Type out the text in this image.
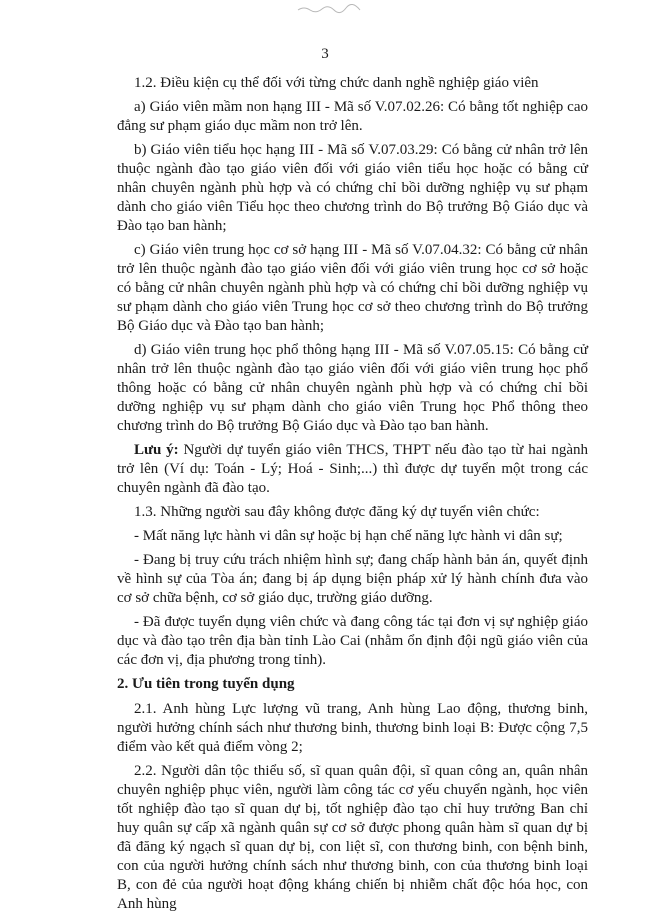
3

1.2. Điều kiện cụ thể đối với từng chức danh nghề nghiệp giáo viên

a) Giáo viên mầm non hạng III - Mã số V.07.02.26: Có bằng tốt nghiệp cao đẳng sư phạm giáo dục mầm non trở lên.

b) Giáo viên tiểu học hạng III - Mã số V.07.03.29: Có bằng cử nhân trở lên thuộc ngành đào tạo giáo viên đối với giáo viên tiểu học hoặc có bằng cử nhân chuyên ngành phù hợp và có chứng chỉ bồi dưỡng nghiệp vụ sư phạm dành cho giáo viên Tiểu học theo chương trình do Bộ trưởng Bộ Giáo dục và Đào tạo ban hành;

c) Giáo viên trung học cơ sở hạng III - Mã số V.07.04.32: Có bằng cử nhân trở lên thuộc ngành đào tạo giáo viên đối với giáo viên trung học cơ sở hoặc có bằng cử nhân chuyên ngành phù hợp và có chứng chỉ bồi dưỡng nghiệp vụ sư phạm dành cho giáo viên Trung học cơ sở theo chương trình do Bộ trưởng Bộ Giáo dục và Đào tạo ban hành;

d) Giáo viên trung học phổ thông hạng III - Mã số V.07.05.15: Có bằng cử nhân trở lên thuộc ngành đào tạo giáo viên đối với giáo viên trung học phổ thông hoặc có bằng cử nhân chuyên ngành phù hợp và có chứng chỉ bồi dưỡng nghiệp vụ sư phạm dành cho giáo viên Trung học Phổ thông theo chương trình do Bộ trưởng Bộ Giáo dục và Đào tạo ban hành.

Lưu ý: Người dự tuyển giáo viên THCS, THPT nếu đào tạo từ hai ngành trở lên (Ví dụ: Toán - Lý; Hoá - Sinh;...) thì được dự tuyển một trong các chuyên ngành đã đào tạo.

1.3. Những người sau đây không được đăng ký dự tuyển viên chức:

- Mất năng lực hành vi dân sự hoặc bị hạn chế năng lực hành vi dân sự;

- Đang bị truy cứu trách nhiệm hình sự; đang chấp hành bản án, quyết định về hình sự của Tòa án; đang bị áp dụng biện pháp xử lý hành chính đưa vào cơ sở chữa bệnh, cơ sở giáo dục, trường giáo dưỡng.

- Đã được tuyển dụng viên chức và đang công tác tại đơn vị sự nghiệp giáo dục và đào tạo trên địa bàn tỉnh Lào Cai (nhằm ổn định đội ngũ giáo viên của các đơn vị, địa phương trong tỉnh).

2. Ưu tiên trong tuyển dụng

2.1. Anh hùng Lực lượng vũ trang, Anh hùng Lao động, thương binh, người hưởng chính sách như thương binh, thương binh loại B: Được cộng 7,5 điểm vào kết quả điểm vòng 2;

2.2. Người dân tộc thiểu số, sĩ quan quân đội, sĩ quan công an, quân nhân chuyên nghiệp phục viên, người làm công tác cơ yếu chuyển ngành, học viên tốt nghiệp đào tạo sĩ quan dự bị, tốt nghiệp đào tạo chỉ huy trưởng Ban chỉ huy quân sự cấp xã ngành quân sự cơ sở được phong quân hàm sĩ quan dự bị đã đăng ký ngạch sĩ quan dự bị, con liệt sĩ, con thương binh, con bệnh binh, con của người hưởng chính sách như thương binh, con của thương binh loại B, con đẻ của người hoạt động kháng chiến bị nhiễm chất độc hóa học, con Anh hùng
